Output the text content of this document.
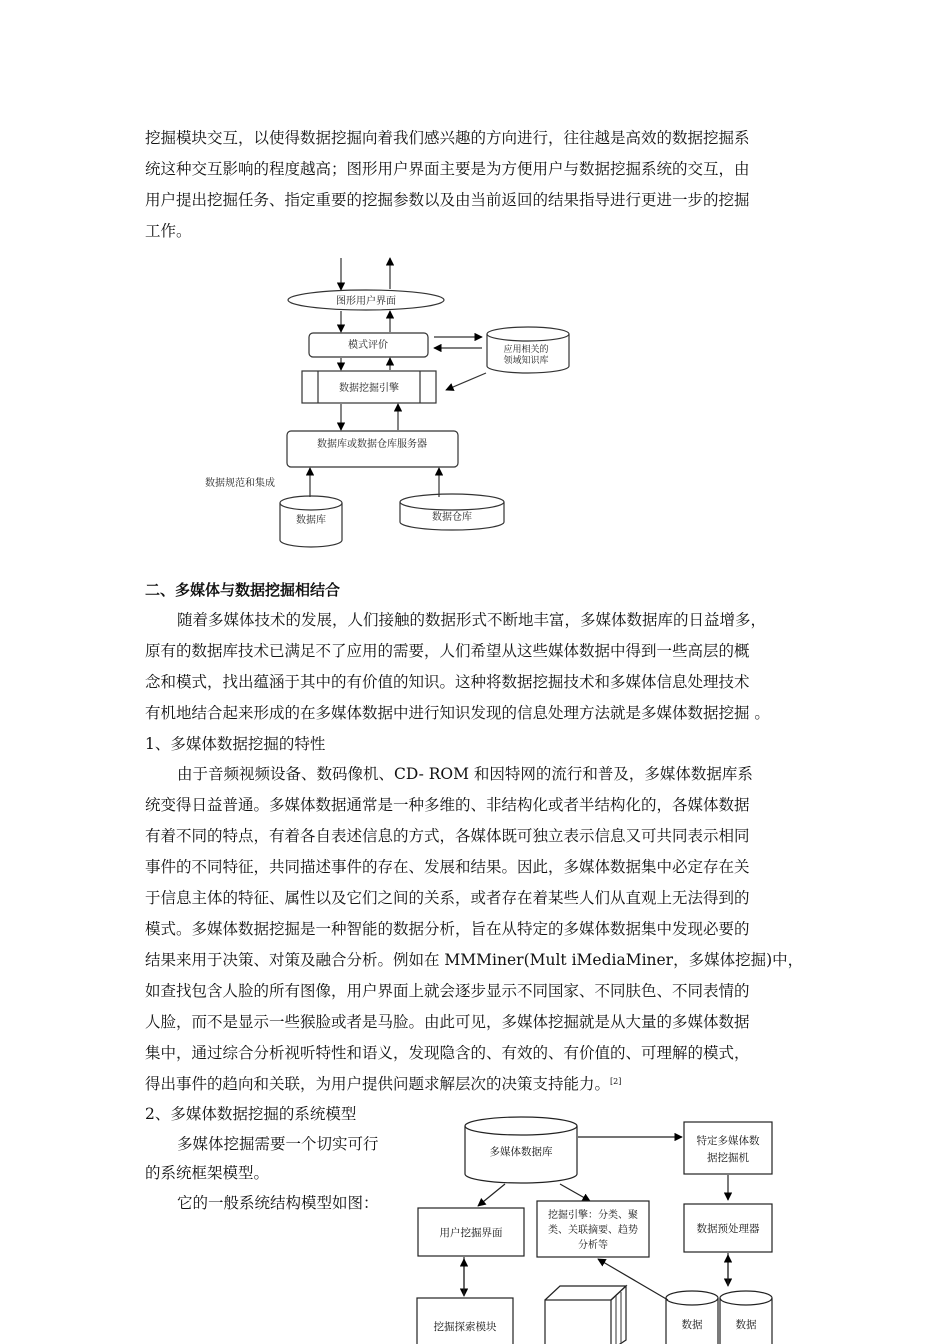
挖掘模块交互，以使得数据挖掘向着我们感兴趣的方向进行，往往越是高效的数据挖掘系
统这种交互影响的程度越高；图形用户界面主要是为方便用户与数据挖掘系统的交互，由
用户提出挖掘任务、指定重要的挖掘参数以及由当前返回的结果指导进行更进一步的挖掘
工作。
图形用户界面
模式评价	应用相关的
领域知识库
数据挖掘引擎
数据库或数据仓库服务器
数据规范和集成
数据库	数据仓库
二、多媒体与数据挖掘相结合
随着多媒体技术的发展，人们接触的数据形式不断地丰富，多媒体数据库的日益增多，
原有的数据库技术已满足不了应用的需要，人们希望从这些媒体数据中得到一些高层的概
念和模式，找出蕴涵于其中的有价值的知识。这种将数据挖掘技术和多媒体信息处理技术
有机地结合起来形成的在多媒体数据中进行知识发现的信息处理方法就是多媒体数据挖掘 。
1、多媒体数据挖掘的特性
由于音频视频设备、数码像机、CD- ROM 和因特网的流行和普及，多媒体数据库系
统变得日益普通。多媒体数据通常是一种多维的、非结构化或者半结构化的，各媒体数据
有着不同的特点，有着各自表述信息的方式，各媒体既可独立表示信息又可共同表示相同
事件的不同特征，共同描述事件的存在、发展和结果。因此，多媒体数据集中必定存在关
于信息主体的特征、属性以及它们之间的关系，或者存在着某些人们从直观上无法得到的
模式。多媒体数据挖掘是一种智能的数据分析，旨在从特定的多媒体数据集中发现必要的
结果来用于决策、对策及融合分析。例如在 MMMiner(Mult iMediaMiner，多媒体挖掘)中，
如查找包含人脸的所有图像，用户界面上就会逐步显示不同国家、不同肤色、不同表情的
人脸，而不是显示一些猴脸或者是马脸。由此可见，多媒体挖掘就是从大量的多媒体数据
集中，通过综合分析视听特性和语义，发现隐含的、有效的、有价值的、可理解的模式，
得出事件的趋向和关联，为用户提供问题求解层次的决策支持能力。[2]
2、多媒体数据挖掘的系统模型
多媒体挖掘需要一个切实可行
的系统框架模型。
它的一般系统结构模型如图：
多媒体数据库
特定多媒体数
据挖掘机
用户挖掘界面
挖掘引擎：分类、聚
类、关联摘要、趋势
分析等
数据预处理器
挖掘探索模块	数据	数据
